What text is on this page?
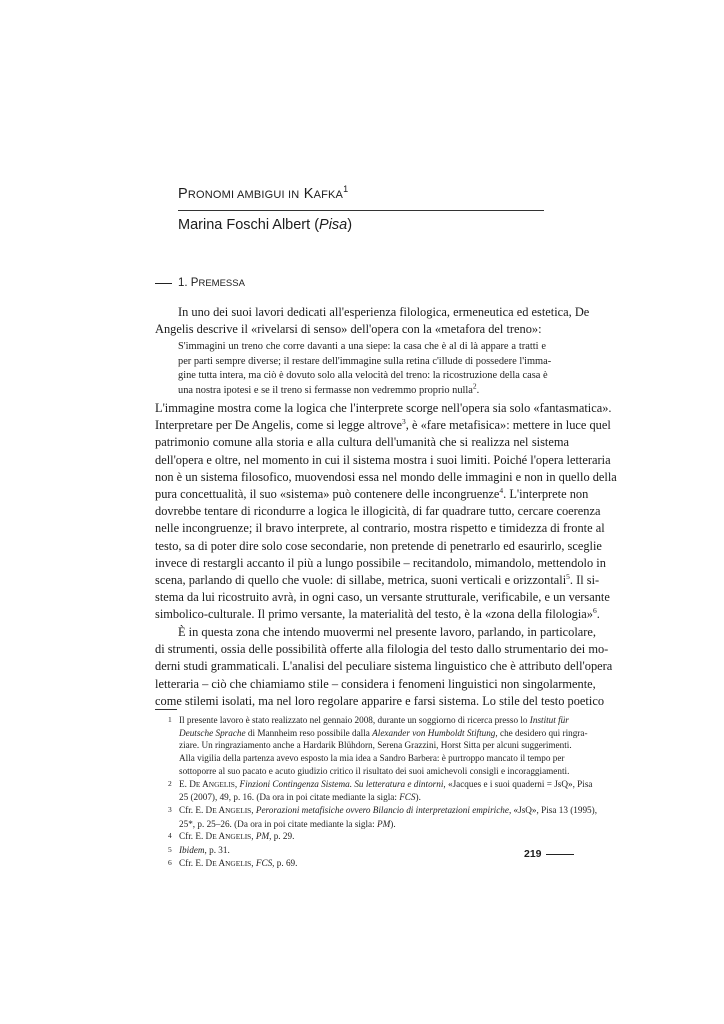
PRONOMI AMBIGUI IN KAFKA$^1$
Marina Foschi Albert (Pisa)
1.
P REMESSA
In uno dei suoi lavori dedicati all'esperienza filologica, ermeneutica ed estetica, De
Angelis descrive il «rivelarsi di senso» dell'opera con la «metafora del treno»:
S'immagini un treno che corre davanti a una siepe: la casa che è al di là appare a tratti e
per parti sempre diverse; il restare dell'immagine sulla retina c'illude di possedere l'imma-
gine tutta intera, ma ciò è dovuto solo alla velocità del treno: la ricostruzione della casa è
una nostra ipotesi e se il treno si fermasse non vedremmo proprio nulla$^2$.
L'immagine mostra come la logica che l'interprete scorge nell'opera sia solo «fantasmatica».
Interpretare per De Angelis, come si legge altrove$^3$, è «fare metafisica»: mettere in luce quel
patrimonio comune alla storia e alla cultura dell'umanità che si realizza nel sistema
dell'opera e oltre, nel momento in cui il sistema mostra i suoi limiti. Poiché l'opera letteraria
non è un sistema filosofico, muovendosi essa nel mondo delle immagini e non in quello della
pura concettualità, il suo «sistema» può contenere delle incongruenze$^4$. L'interprete non
dovrebbe tentare di ricondurre a logica le illogicità, di far quadrare tutto, cercare coerenza
nelle incongruenze; il bravo interprete, al contrario, mostra rispetto e timidezza di fronte al
testo, sa di poter dire solo cose secondarie, non pretende di penetrarlo ed esaurirlo, sceglie
invece di restargli accanto il più a lungo possibile – recitandolo, mimandolo, mettendolo in
scena, parlando di quello che vuole: di sillabe, metrica, suoni verticali e orizzontali$^5$. Il si-
stema da lui ricostruito avrà, in ogni caso, un versante strutturale, verificabile, e un versante
simbolico-culturale. Il primo versante, la materialità del testo, è la «zona della filologia»$^6$.
È in questa zona che intendo muovermi nel presente lavoro, parlando, in particolare,
di strumenti, ossia delle possibilità offerte alla filologia del testo dallo strumentario dei mo-
derni studi grammaticali. L'analisi del peculiare sistema linguistico che è attributo dell'opera
letteraria – ciò che chiamiamo stile – considera i fenomeni linguistici non singolarmente,
come stilemi isolati, ma nel loro regolare apparire e farsi sistema. Lo stile del testo poetico
1 Il presente lavoro è stato realizzato nel gennaio 2008, durante un soggiorno di ricerca presso lo Institut für
Deutsche Sprache di Mannheim reso possibile dalla Alexander von Humboldt Stiftung, che desidero qui ringra-
ziare. Un ringraziamento anche a Hardarik Blühdorn, Serena Grazzini, Horst Sitta per alcuni suggerimenti.
Alla vigilia della partenza avevo esposto la mia idea a Sandro Barbera: è purtroppo mancato il tempo per
sottoporre al suo pacato e acuto giudizio critico il risultato dei suoi amichevoli consigli e incoraggiamenti.
2 E. DE ANGELIS, Finzioni Contingenza Sistema. Su letteratura e dintorni, «Jacques e i suoi quaderni = JsQ», Pisa
25 (2007), 49, p. 16. (Da ora in poi citate mediante la sigla: FCS).
3 Cfr. E. DE ANGELIS, Perorazioni metafisiche ovvero Bilancio di interpretazioni empiriche, «JsQ», Pisa 13 (1995),
25*, p. 25–26. (Da ora in poi citate mediante la sigla: PM).
4 Cfr. E. DE ANGELIS, PM, p. 29.
5 Ibidem, p. 31.
6 Cfr. E. DE ANGELIS, FCS, p. 69.
219
